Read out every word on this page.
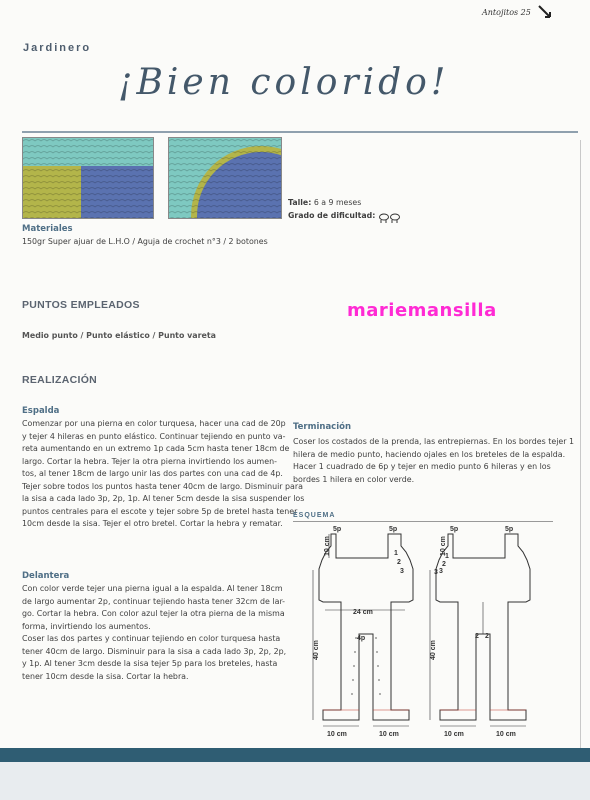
Antojitos 25
Jardinero
¡Bien colorido!
Talle: 6 a 9 meses
Grado de dificultad:
Materiales
150gr Super ajuar de L.H.O / Aguja de crochet n°3 / 2 botones
mariemansilla
PUNTOS EMPLEADOS
Medio punto / Punto elástico / Punto vareta
REALIZACIÓN
Espalda
Comenzar por una pierna en color turquesa, hacer una cad de 20p
y tejer 4 hileras en punto elástico. Continuar tejiendo en punto va-
reta aumentando en un extremo 1p cada 5cm hasta tener 18cm de
largo. Cortar la hebra. Tejer la otra pierna invirtiendo los aumen-
tos, al tener 18cm de largo unir las dos partes con una cad de 4p.
Tejer sobre todos los puntos hasta tener 40cm de largo. Disminuir para
la sisa a cada lado 3p, 2p, 1p. Al tener 5cm desde la sisa suspender los
puntos centrales para el escote y tejer sobre 5p de bretel hasta tener
10cm desde la sisa. Tejer el otro bretel. Cortar la hebra y rematar.
Delantera
Con color verde tejer una pierna igual a la espalda. Al tener 18cm
de largo aumentar 2p, continuar tejiendo hasta tener 32cm de lar-
go. Cortar la hebra. Con color azul tejer la otra pierna de la misma
forma, invirtiendo los aumentos.
Coser las dos partes y continuar tejiendo en color turquesa hasta
tener 40cm de largo. Disminuir para la sisa a cada lado 3p, 2p, 2p,
y 1p. Al tener 3cm desde la sisa tejer 5p para los breteles, hasta
tener 10cm desde la sisa. Cortar la hebra.
Terminación
Coser los costados de la prenda, las entrepiernas. En los bordes tejer 1
hilera de medio punto, haciendo ojales en los breteles de la espalda.
Hacer 1 cuadrado de 6p y tejer en medio punto 6 hileras y en los
bordes 1 hilera en color verde.
ESQUEMA
5p	5p
10 cm	1
2
3
24 cm
4p
40 cm
10 cm	10 cm
5p	5p
10 cm
1
2
3
3
2 2
40 cm
10 cm	10 cm
